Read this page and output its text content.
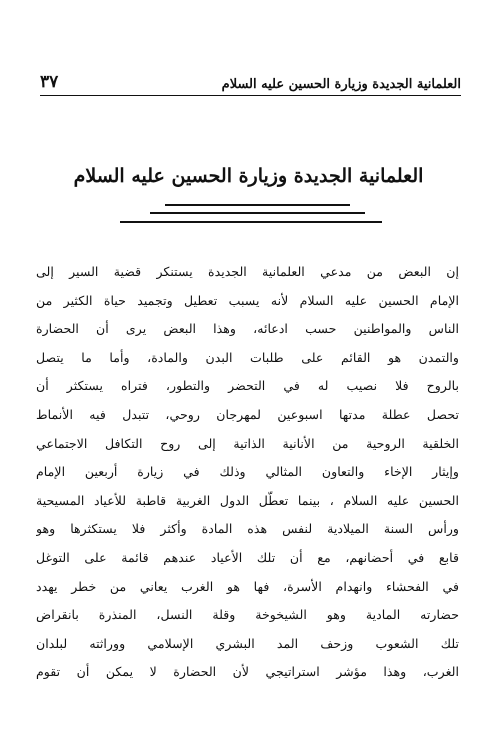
العلمانية الجديدة وزيارة الحسين عليه السلام
٣٧
العلمانية الجديدة وزيارة الحسين عليه السلام
إن البعض من مدعي العلمانية الجديدة يستنكر قضية السير إلى
الإمام الحسين عليه السلام لأنه يسبب تعطيل وتجميد حياة الكثير من
الناس والمواطنين حسب ادعائه، وهذا البعض يرى أن الحضارة
والتمدن هو القائم على طلبات البدن والمادة، وأما ما يتصل
بالروح فلا نصيب له في التحضر والتطور، فتراه يستكثر أن
تحصل عطلة مدتها اسبوعين لمهرجان روحي، تتبدل فيه الأنماط
الخلقية الروحية من الأنانية الذاتية إلى روح التكافل الاجتماعي
وإيثار الإخاء والتعاون المثالي وذلك في زيارة أربعين الإمام
الحسين عليه السلام ، بينما تعطّل الدول الغربية قاطبة للأعياد المسيحية
ورأس السنة الميلادية لنفس هذه المادة وأكثر فلا يستكثرها وهو
قابع في أحضانهم، مع أن تلك الأعياد عندهم قائمة على التوغل
في الفحشاء وانهدام الأسرة، فها هو الغرب يعاني من خطر يهدد
حضارته المادية وهو الشيخوخة وقلة النسل، المنذرة بانقراض
تلك الشعوب وزحف المد البشري الإسلامي ووراثته لبلدان
الغرب، وهذا مؤشر استراتيجي لأن الحضارة لا يمكن أن تقوم
